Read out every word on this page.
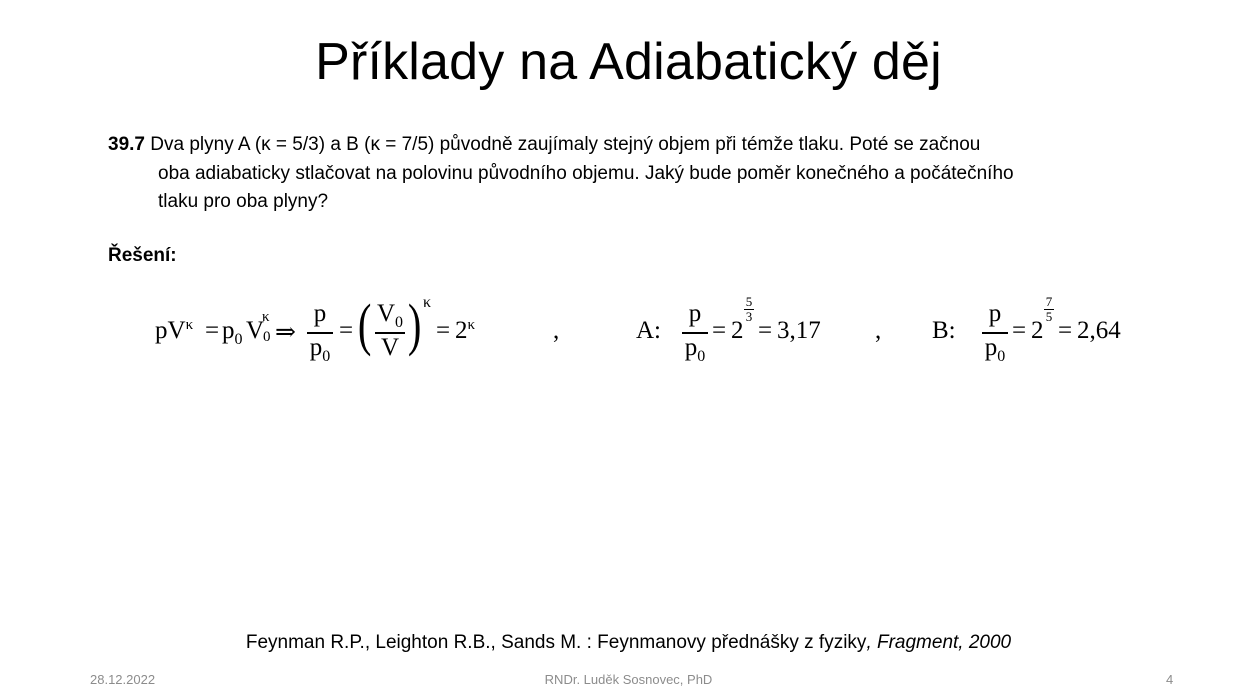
Příklady na Adiabatický děj
39.7 Dva plyny A (κ = 5/3) a B (κ = 7/5) původně zaujímaly stejný objem při témže tlaku. Poté se začnou
oba adiabaticky stlačovat na polovinu původního objemu. Jaký bude poměr konečného a počátečního
tlaku pro oba plyny?
Řešení:
$pV^\kappa = p_0$ V
κ
0 ⇒
p
$p_0$
= ( $V_0$
V ) κ
= $2^\kappa$	,	A:
p
$p_0$
= 2
5
3
= 3,17 , B:
p
$p_0$
= 2
7
5
= 2,64
Feynman R.P., Leighton R.B., Sands M. : Feynmanovy přednášky z fyziky, Fragment, 2000
28.12.2022	RNDr. Luděk Sosnovec, PhD	4
